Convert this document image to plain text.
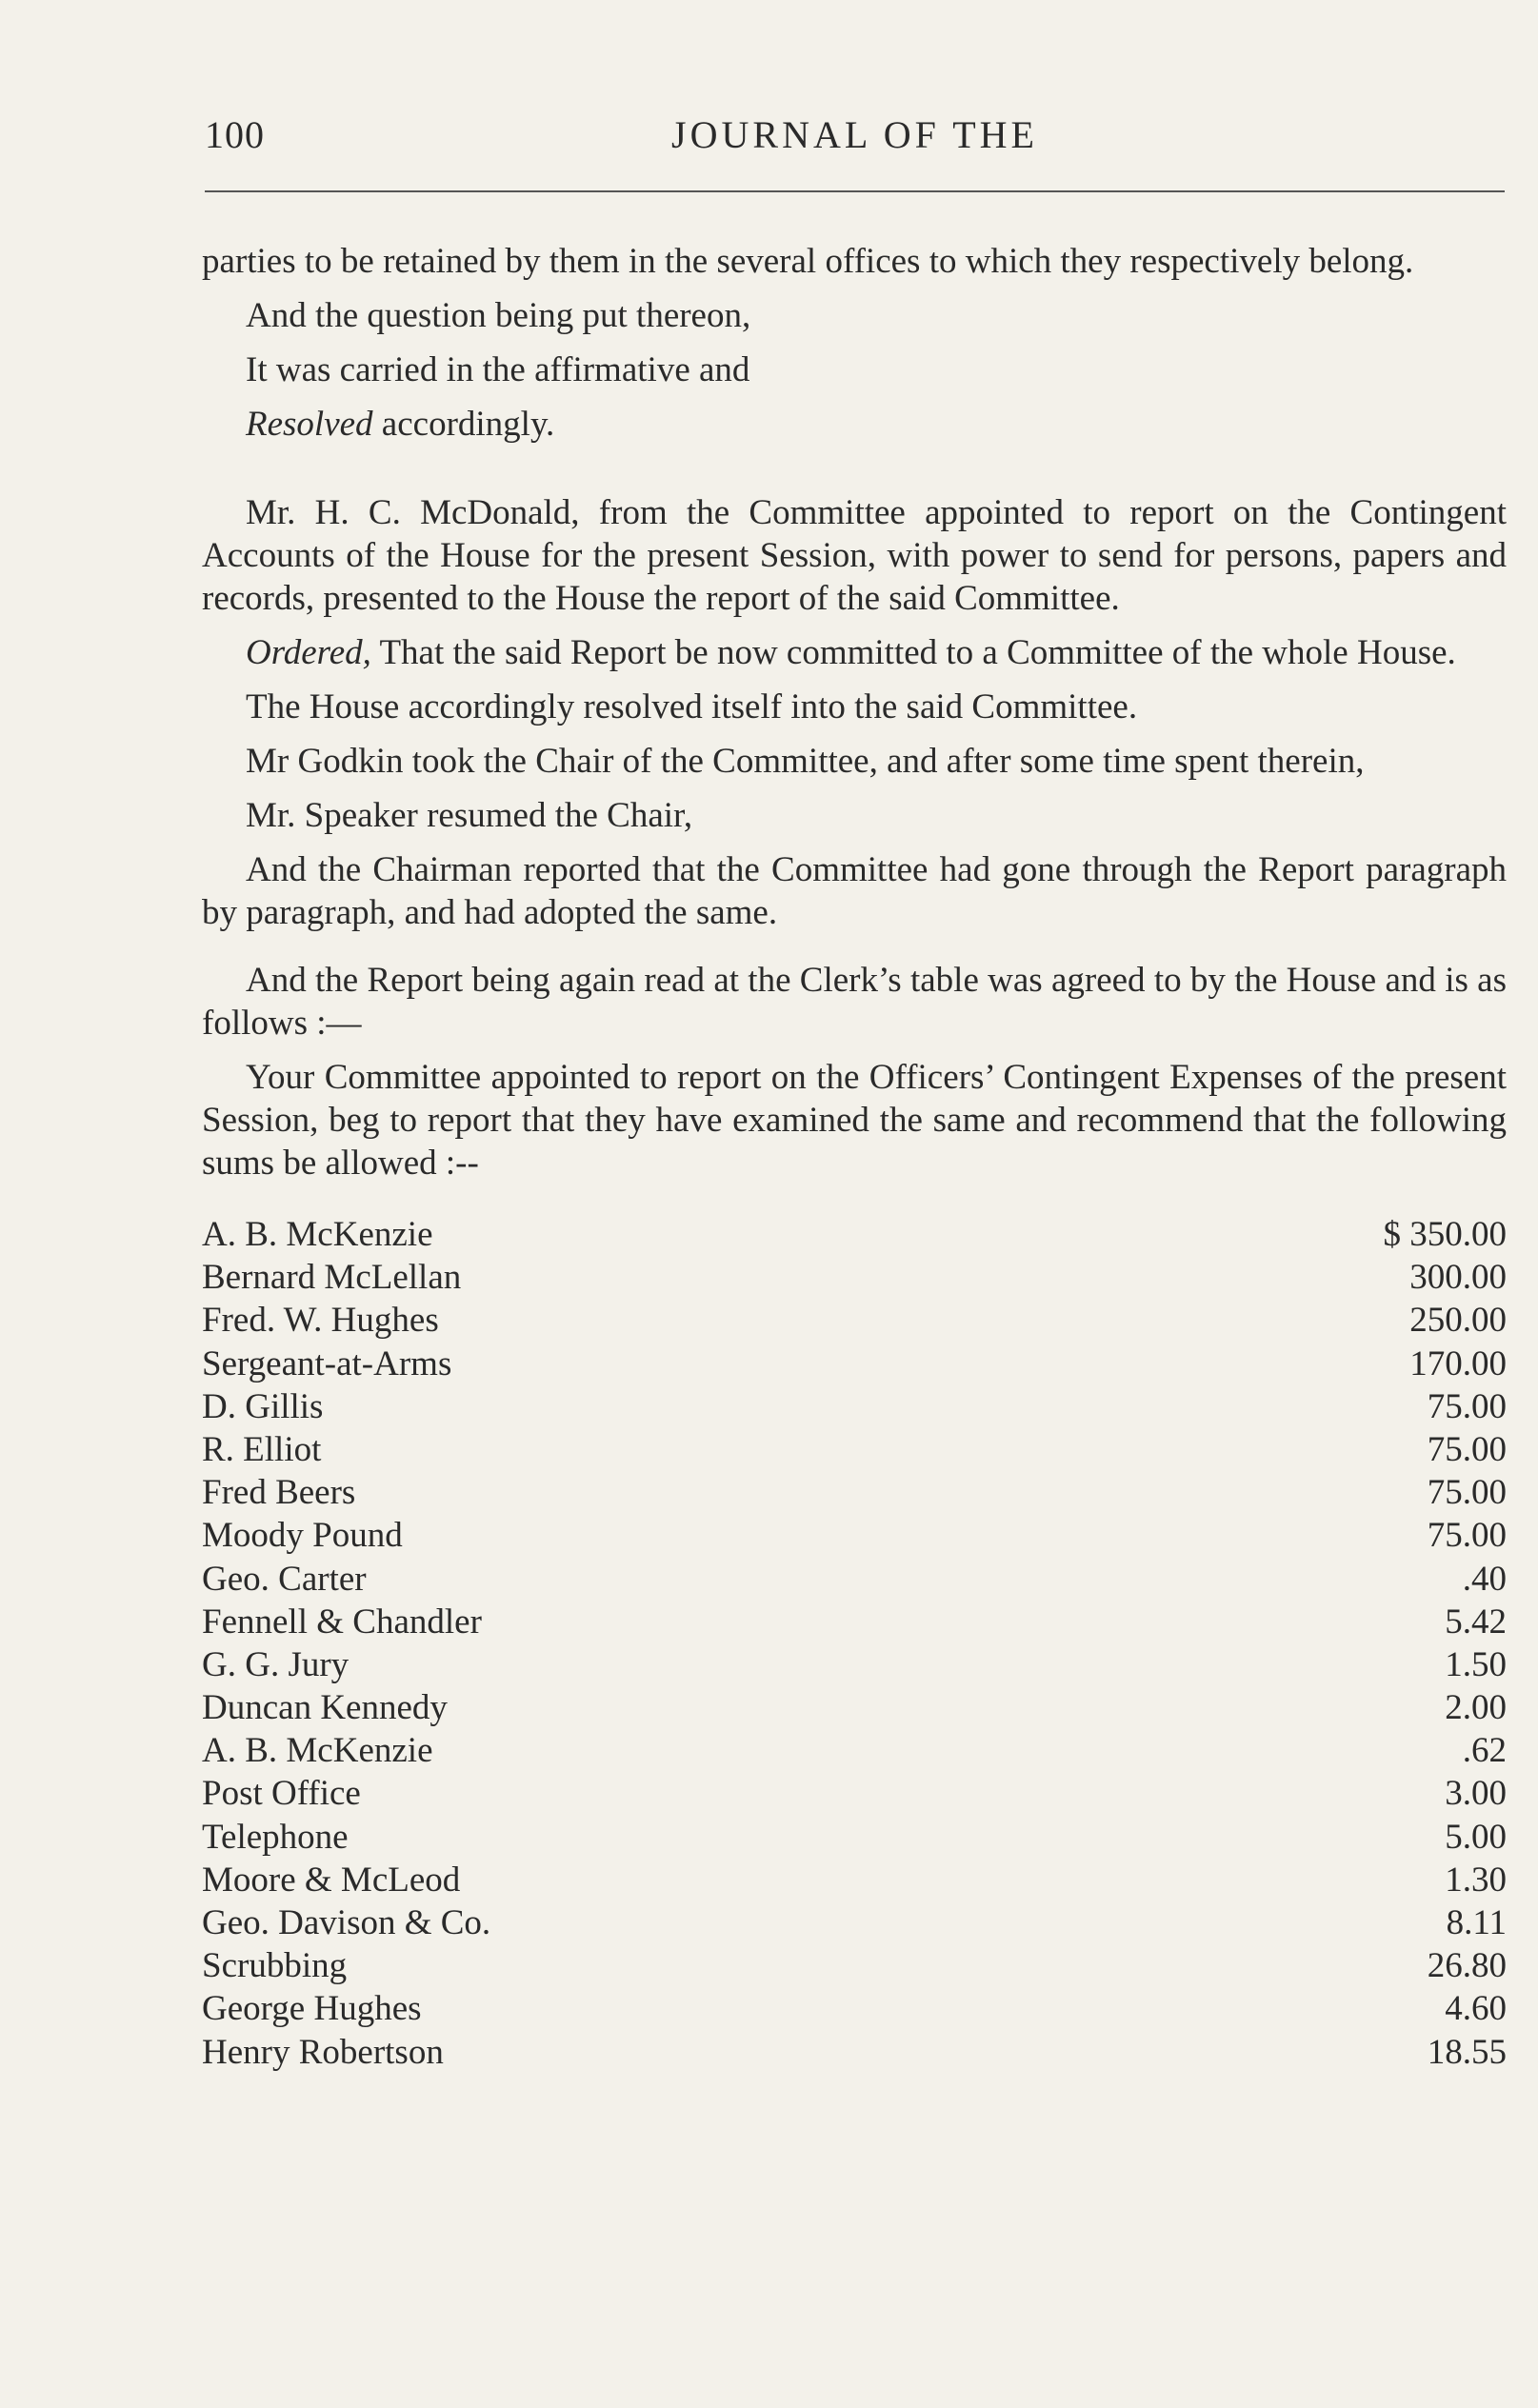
100	JOURNAL OF THE

parties to be retained by them in the several offices to which they respectively belong.

And the question being put thereon,

It was carried in the affirmative and

Resolved accordingly.

Mr. H. C. McDonald, from the Committee appointed to report on the Contingent Accounts of the House for the present Session, with power to send for persons, papers and records, presented to the House the report of the said Committee.

Ordered, That the said Report be now committed to a Committee of the whole House.

The House accordingly resolved itself into the said Committee.

Mr Godkin took the Chair of the Committee, and after some time spent therein,

Mr. Speaker resumed the Chair,

And the Chairman reported that the Committee had gone through the Report paragraph by paragraph, and had adopted the same.

And the Report being again read at the Clerk’s table was agreed to by the House and is as follows :—

Your Committee appointed to report on the Officers’ Contingent Expenses of the present Session, beg to report that they have examined the same and recommend that the following sums be allowed :--

A. B. McKenzie	$ 350.00
Bernard McLellan	300.00
Fred. W. Hughes	250.00
Sergeant-at-Arms	170.00
D. Gillis	75.00
R. Elliot	75.00
Fred Beers	75.00
Moody Pound	75.00
Geo. Carter	.40
Fennell & Chandler	5.42
G. G. Jury	1.50
Duncan Kennedy	2.00
A. B. McKenzie	.62
Post Office	3.00
Telephone	5.00
Moore & McLeod	1.30
Geo. Davison & Co.	8.11
Scrubbing	26.80
George Hughes	4.60
Henry Robertson	18.55
